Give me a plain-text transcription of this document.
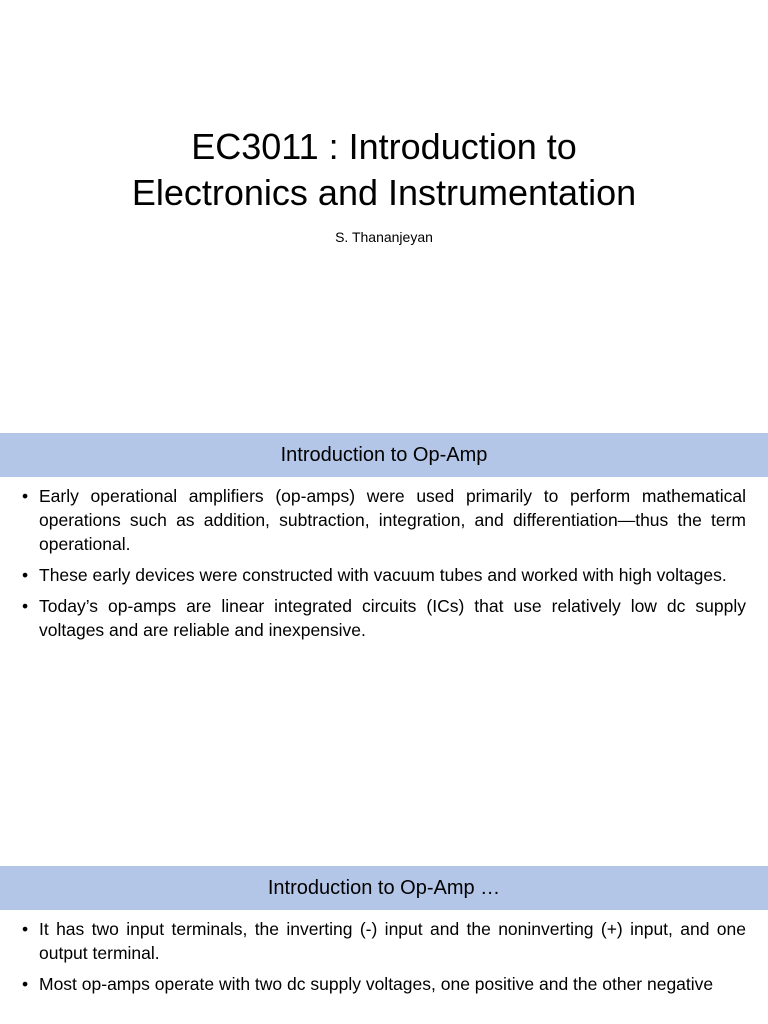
EC3011 : Introduction to
Electronics and Instrumentation
S. Thananjeyan
Introduction to Op-Amp
• Early operational amplifiers (op-amps) were used primarily to perform mathematical operations such as addition, subtraction, integration, and differentiation—thus the term operational.
• These early devices were constructed with vacuum tubes and worked with high voltages.
• Today’s op-amps are linear integrated circuits (ICs) that use relatively low dc supply voltages and are reliable and inexpensive.
Introduction to Op-Amp …
• It has two input terminals, the inverting (-) input and the noninverting (+) input, and one output terminal.
• Most op-amps operate with two dc supply voltages, one positive and the other negative
